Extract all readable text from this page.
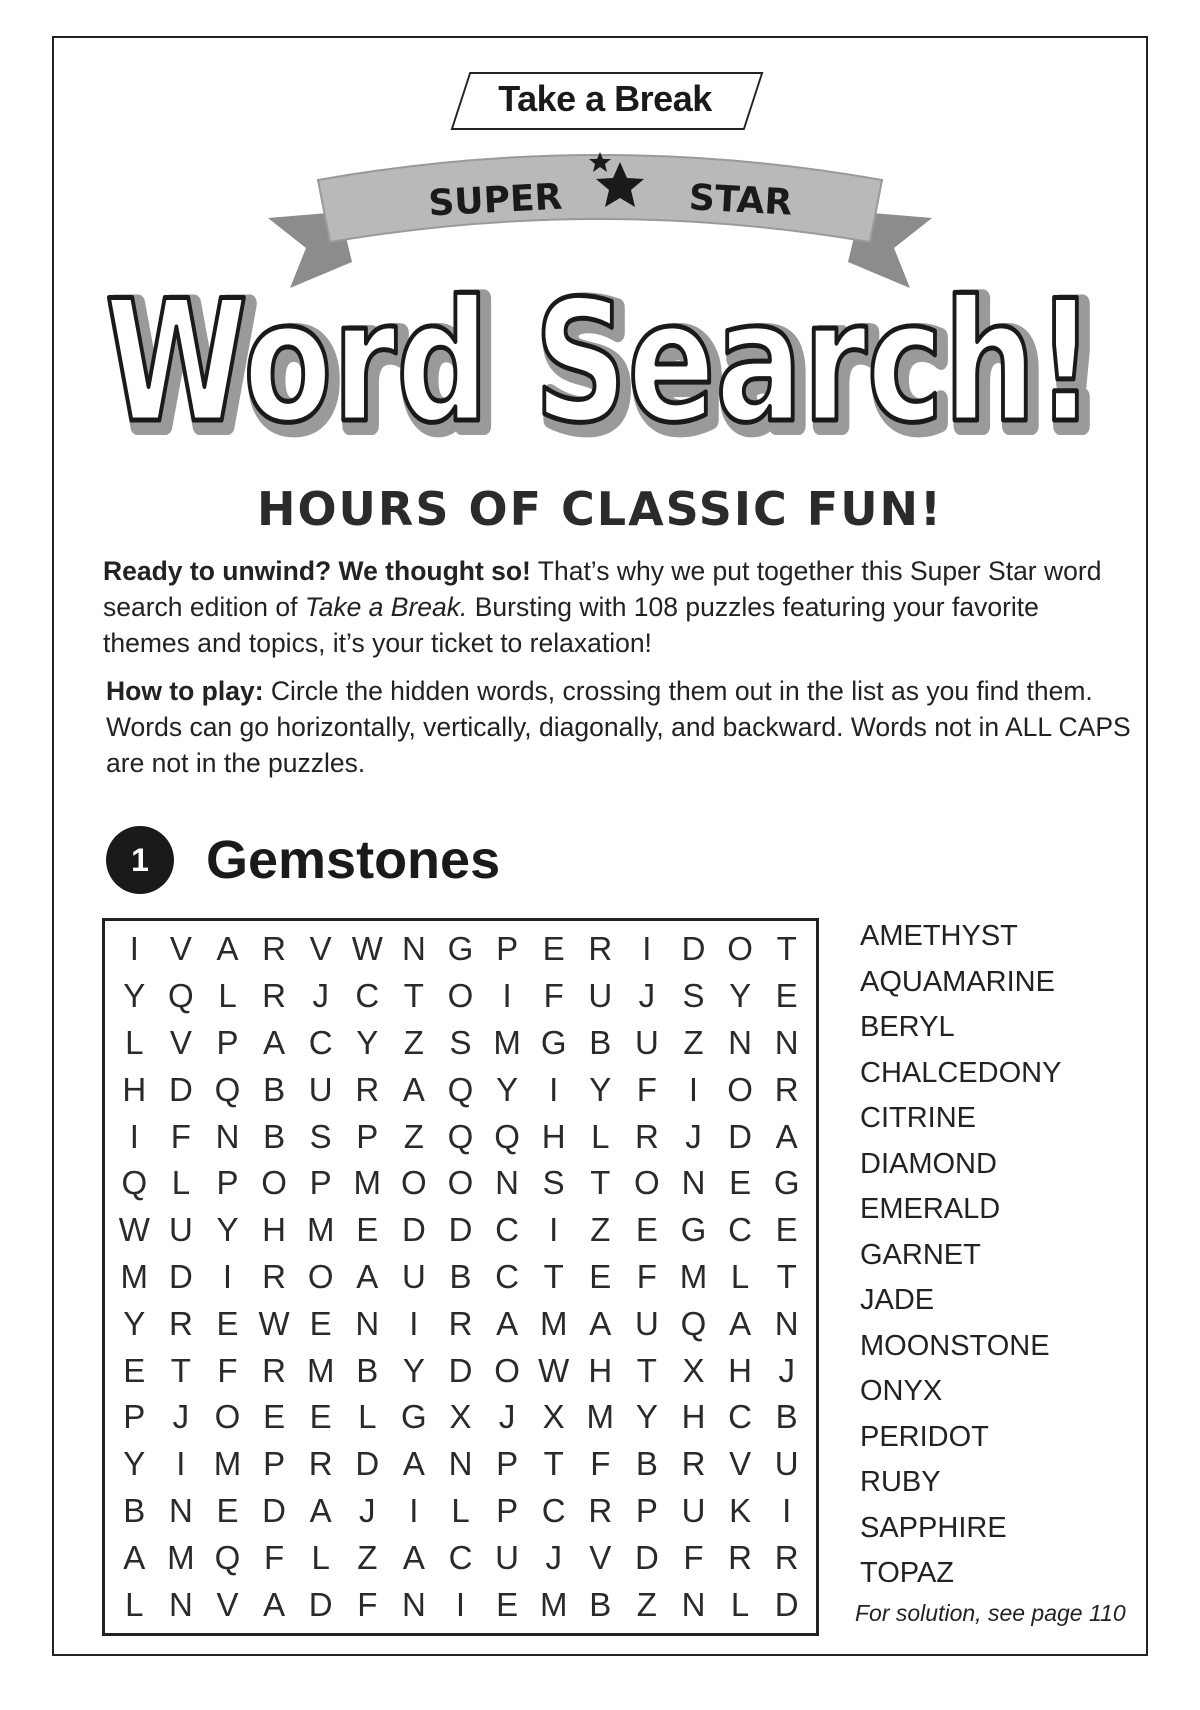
Take a Break
SUPER	STAR
Word Search!
Word Search!
HOURS OF CLASSIC FUN!
Ready to unwind? We thought so! That’s why we put together this Super Star word search edition of Take a Break. Bursting with 108 puzzles featuring your favorite themes and topics, it’s your ticket to relaxation!
How to play: Circle the hidden words, crossing them out in the list as you find them. Words can go horizontally, vertically, diagonally, and backward. Words not in ALL CAPS are not in the puzzles.
1	Gemstones
I V A R V W N G P E R I D O T
Y Q L R J C T O I F U J S Y E
L V P A C Y Z S M G B U Z N N
H D Q B U R A Q Y I Y F I O R
I F N B S P Z Q Q H L R J D A
Q L P O P M O O N S T O N E G
W U Y H M E D D C I Z E G C E
M D I R O A U B C T E F M L T
Y R E W E N I R A M A U Q A N
E T F R M B Y D O W H T X H J
P J O E E L G X J X M Y H C B
Y I M P R D A N P T F B R V U
B N E D A J	I L P C R P U K I
A M Q F L Z A C U J V D F R R
L N V A D F N I E M B Z N L D
AMETHYST
AQUAMARINE
BERYL
CHALCEDONY
CITRINE
DIAMOND
EMERALD
GARNET
JADE
MOONSTONE
ONYX
PERIDOT
RUBY
SAPPHIRE
TOPAZ
For solution, see page 110
